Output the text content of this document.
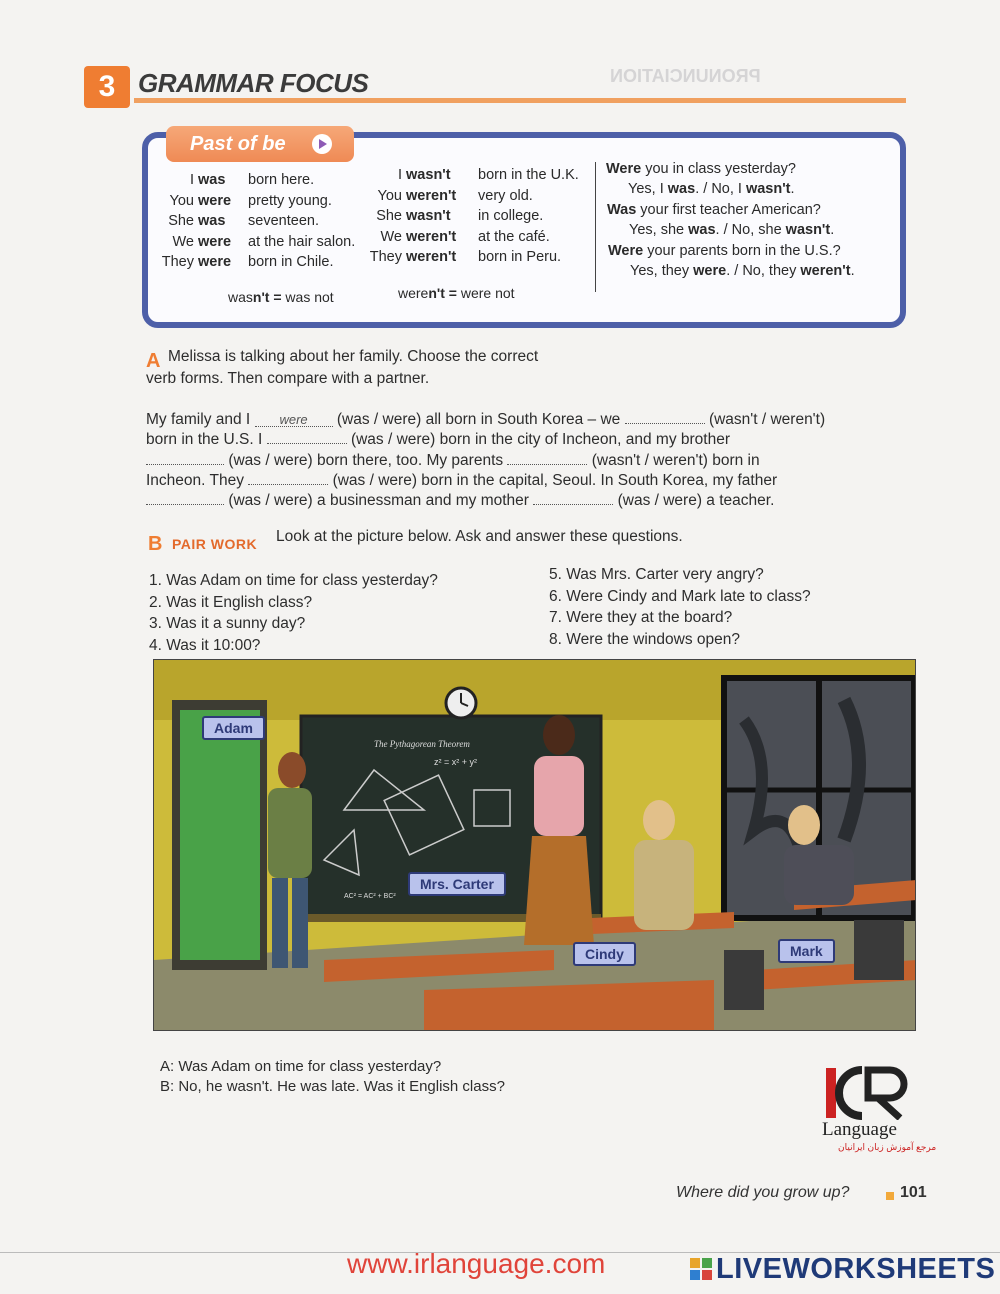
PRONUNCIATION
3 GRAMMAR FOCUS
Past of be
I was born here.
You were pretty young.
She was seventeen.
We were at the hair salon.
They were born in Chile.
I wasn't born in the U.K.
You weren't very old.
She wasn't in college.
We weren't at the café.
They weren't born in Peru.
wasn't = was not	weren't = were not
Were you in class yesterday?
Yes, I was. / No, I wasn't.
Was your first teacher American?
Yes, she was. / No, she wasn't.
Were your parents born in the U.S.?
Yes, they were. / No, they weren't.
A Melissa is talking about her family. Choose the correct
verb forms. Then compare with a partner.
My family and I were (was / were) all born in South Korea – we	(wasn't / weren't)
born in the U.S. I	(was / were) born in the city of Incheon, and my brother
(was / were) born there, too. My parents	(wasn't / weren't) born in
Incheon. They	(was / were) born in the capital, Seoul. In South Korea, my father
(was / were) a businessman and my mother	(was / were) a teacher.
B PAIR WORK Look at the picture below. Ask and answer these questions.
1. Was Adam on time for class yesterday?
2. Was it English class?
3. Was it a sunny day?
4. Was it 10:00?
5. Was Mrs. Carter very angry?
6. Were Cindy and Mark late to class?
7. Were they at the board?
8. Were the windows open?
The Pythagorean Theorem
z² = x² + y²
AC² = AC² + BC²
Adam
Mrs. Carter
Cindy	Mark
A: Was Adam on time for class yesterday?
B: No, he wasn't. He was late. Was it English class?
Language
مرجع آموزش زبان ایرانیان
Where did you grow up?	101
www.irlanguage.com	LIVEWORKSHEETS
